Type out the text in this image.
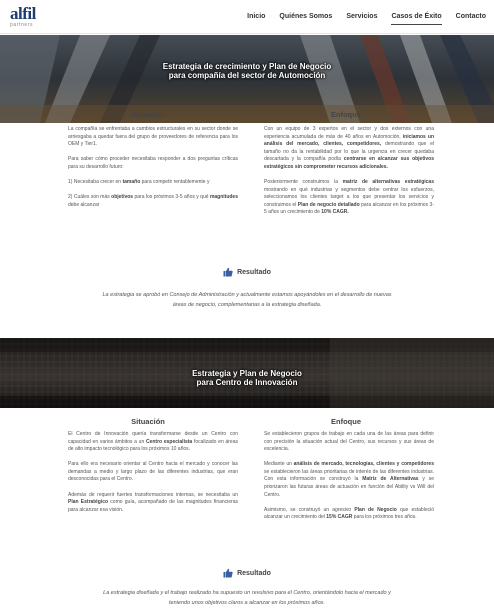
alfil
partners
Inicio Quiénes Somos Servicios Casos de Éxito Contacto
Estrategia de crecimiento y Plan de Negocio
para compañía del sector de Automoción
Situación	Enfoque

La compañía se enfrentaba a cambios estructurales en su sector donde se arriesgaba a quedar fuera del grupo de proveedores de referencia para los OEM y Tier1.

Para saber cómo proceder necesitaba responder a dos preguntas críticas para su desarrollo futuro:

1) Necesitaba crecer en tamaño para competir rentablemente y

2) Cuáles son más objetivos para los próximos 3-5 años y qué magnitudes debe alcanzar

Con un equipo de 3 expertos en el sector y dos externos con una experiencia acumulada de más de 40 años en Automoción, iniciamos un análisis del mercado, clientes, competidores, demostrando que el tamaño no da la rentabilidad por lo que la urgencia en crecer quedaba descartada y la compañía podía centrarse en alcanzar sus objetivos estratégicos sin comprometer recursos adicionales.

Posteriormente construimos la matriz de alternativas estratégicas mostrando en qué industrias y segmentos debe centrar los esfuerzos, seleccionamos los clientes target a los que presentar los servicios y construimos el Plan de negocio detallado para alcanzar en los próximos 3-5 años un crecimiento de 10% CAGR.

Resultado
La estrategia se aprobó en Consejo de Administración y actualmente estamos apoyándoles en el desarrollo de nuevas áreas de negocio, complementarias a la estrategia diseñada.
Estrategia y Plan de Negocio
para Centro de Innovación
Situación	Enfoque

El Centro de Innovación quería transformarse desde un Centro con capacidad en varios ámbitos a un Centro especialista focalizado en áreas de alto impacto tecnológico para los próximos 10 años.

Para ello era necesario orientar al Centro hacia el mercado y conocer las demandas a medio y largo plazo de las diferentes industrias, que eran desconocidas para el Centro.

Además de requerir fuertes transformaciones internas, se necesitaba un Plan Estratégico como guía, acompañado de las magnitudes financieras para alcanzar esa visión.

Se establecieron grupos de trabajo en cada una de las áreas para definir con precisión la situación actual del Centro, sus recursos y sus áreas de excelencia.

Mediante un análisis de mercado, tecnologías, clientes y competidores se establecieron las áreas prioritarias de interés de las diferentes industrias. Con esta información se construyó la Matriz de Alternativas y se priorizaron las futuras áreas de actuación en función del Ability vs Will del Centro.

Asimismo, se construyó un agresivo Plan de Negocio que estableció alcanzar un crecimiento del 15% CAGR para los próximos tres años.

Resultado
La estrategia diseñada y el trabajo realizado ha supuesto un revulsivo para el Centro, orientándolo hacia el mercado y teniendo unos objetivos claros a alcanzar en los próximos años.
